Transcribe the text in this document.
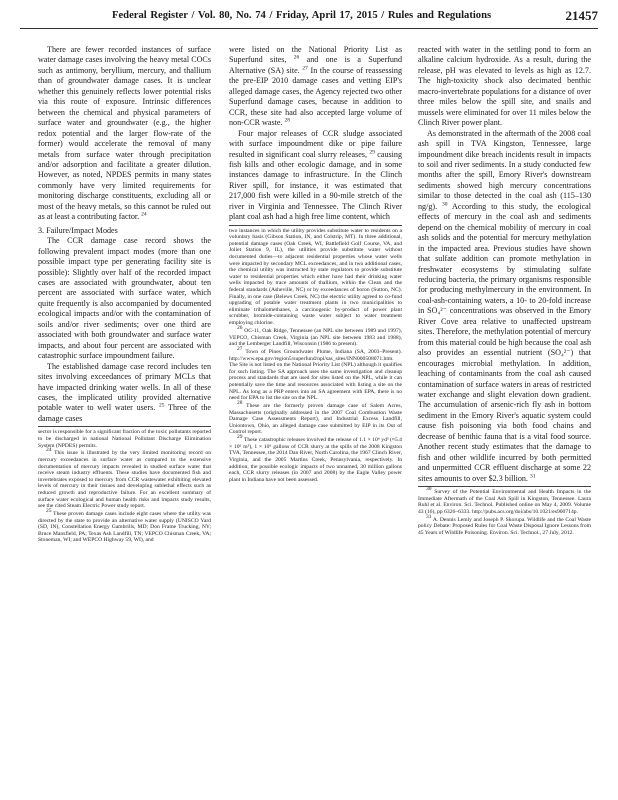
Federal Register / Vol. 80, No. 74 / Friday, April 17, 2015 / Rules and Regulations	21457

There are fewer recorded instances of surface water damage cases involving the heavy metal COCs such as antimony, beryllium, mercury, and thallium than of groundwater damage cases. It is unclear whether this genuinely reflects lower potential risks via this route of exposure. Intrinsic differences between the chemical and physical parameters of surface water and groundwater (e.g., the higher redox potential and the larger flow-rate of the former) would accelerate the removal of many metals from surface water through precipitation and/or adsorption and facilitate a greater dilution. However, as noted, NPDES permits in many states commonly have very limited requirements for monitoring discharge constituents, excluding all or most of the heavy metals, so this cannot be ruled out as at least a contributing factor. $^{24}$

3. Failure/Impact Modes

The CCR damage case record shows the following prevalent impact modes (more than one possible impact type per generating facility site is possible): Slightly over half of the recorded impact cases are associated with groundwater, about ten percent are associated with surface water, which quite frequently is also accompanied by documented ecological impacts and/or with the contamination of soils and/or river sediments; over one third are associated with both groundwater and surface water impacts, and about four percent are associated with catastrophic surface impoundment failure.

The established damage case record includes ten sites involving exceedances of primary MCLs that have impacted drinking water wells. In all of these cases, the implicated utility provided alternative potable water to well water users. $^{25}$ Three of the damage cases

sector is responsible for a significant fraction of the toxic pollutants reported to be discharged in national National Pollutant Discharge Elimination System (NPDES) permits.

$^{24}$ This issue is illustrated by the very limited monitoring record on mercury exceedances in surface water as compared to the extensive documentation of mercury impacts revealed in studied surface water that receive steam industry effluents. These studies have documented fish and invertebrates exposed to mercury from CCR wastewater exhibiting elevated levels of mercury in their tissues and developing sublethal effects such as reduced growth and reproductive failure. For an excellent summary of surface water ecological and human health risks and impacts study results, see the cited Steam Electric Power study report.

$^{25}$ These proven damage cases include eight cases where the utility was directed by the state to provide an alternative water supply (UNISCO Yard (SD, IN), Constellation Energy Gambrills, MD; Don Frame Trucking, NY; Bruce Mansfield, PA; Texas Ash Landfill, TN; VEPCO Chisman Creek, VA; Stoneman, WI; and WEPCO Highway 59, WI), and

were listed on the National Priority List as Superfund sites, $^{26}$ and one is a Superfund Alternative (SA) site. $^{27}$ In the course of reassessing the pre-EIP 2010 damage cases and vetting EIP's alleged damage cases, the Agency rejected two other Superfund damage cases, because in addition to CCR, these site had also accepted large volume of non-CCR waste. $^{28}$

Four major releases of CCR sludge associated with surface impoundment dike or pipe failure resulted in significant coal slurry releases, $^{29}$ causing fish kills and other ecologic damage, and in some instances damage to infrastructure. In the Clinch River spill, for instance, it was estimated that 217,000 fish were killed in a 90-mile stretch of the river in Virginia and Tennessee. The Clinch River plant coal ash had a high free lime content, which

two instances in which the utility provides substitute water to residents on a voluntary basis (Gibson Station, IN, and Colstrip, MT). In three additional, potential damage cases (Oak Creek, WI, Battlefield Golf Course, VA, and Joliet Station 9, IL), the utilities provide substitute water without documented duties—to adjacent residential properties whose water wells were impacted by secondary MCL exceedances, and in two additional cases, the chemical utility was instructed by state regulators to provide substitute water to residential properties which either have had their drinking water wells impacted by trace amounts of thallium, within the Clean and the federal standards (Asheville, NC) or by exceedances of boron (Sutton, NC). Finally, in one case (Belews Creek, NC) the electric utility agreed to co-fund upgrading of potable water treatment plants in two municipalities to eliminate trihalomethanes, a carcinogenic by-product of power plant scrubber, bromide-containing waste water subject to water treatment employing chlorine.

$^{26}$ OC-11, Oak Ridge, Tennessee (an NPL site between 1989 and 1997), VEPCO, Chisman Creek, Virginia (an NPL site between 1983 and 1988), and the Lemberger Landfill, Wisconsin (1986 to present).

$^{27}$ Town of Pines Groundwater Plume, Indiana (SA, 2003–Present). http://www.epa.gov/region5/superfund/npl/sas_sites/INN000508071.htm. The Site is not listed on the National Priority List (NPL) although it qualifies for such listing. The SA approach uses the same investigation and cleanup process and standards that are used for sites listed on the NPL, while it can potentially save the time and resources associated with listing a site on the NPL. As long as a PRP enters into an SA agreement with EPA, there is no need for EPA to list the site on the NPL.

$^{28}$ These are the formerly proven damage case of Salem Acres, Massachusetts (originally addressed in the 2007 Coal Combustion Waste Damage Case Assessments Report), and Industrial Excess Landfill, Uniontown, Ohio, an alleged damage case submitted by EIP in its Out of Control report.

$^{29}$ These catastrophic releases involved the release of 1.1 × 10⁶ yd³ (≈5.4 × 10⁶ m³), 1 × 10⁶ gallons of CCR slurry at the spills of the 2008 Kingston TVA, Tennessee, the 2014 Dan River, North Carolina, the 1967 Clinch River, Virginia, and the 2005 Martins Creek, Pennsylvania, respectively. In addition, the possible ecologic impacts of two unnamed, 30 million gallons each, CCR slurry releases (in 2007 and 2008) by the Eagle Valley power plant in Indiana have not been assessed.

reacted with water in the settling pond to form an alkaline calcium hydroxide. As a result, during the release, pH was elevated to levels as high as 12.7. The high-toxicity shock also decimated benthic macro-invertebrate populations for a distance of over three miles below the spill site, and snails and mussels were eliminated for over 11 miles below the Clinch River power plant.

As demonstrated in the aftermath of the 2008 coal ash spill in TVA Kingston, Tennessee, large impoundment dike breach incidents result in impacts to soil and river sediments. In a study conducted few months after the spill, Emory River's downstream sediments showed high mercury concentrations similar to those detected in the coal ash (115–130 ng/g). $^{30}$ According to this study, the ecological effects of mercury in the coal ash and sediments depend on the chemical mobility of mercury in coal ash solids and the potential for mercury methylation in the impacted area. Previous studies have shown that sulfate addition can promote methylation in freshwater ecosystems by stimulating sulfate reducing bacteria, the primary organisms responsible for producing methylmercury in the environment. In coal-ash-containing waters, a 10- to 20-fold increase in SO₄²⁻ concentrations was observed in the Emory River Cove area relative to unaffected upstream sites. Therefore, the methylation potential of mercury from this material could be high because the coal ash also provides an essential nutrient (SO₄²⁻) that encourages microbial methylation. In addition, leaching of contaminants from the coal ash caused contamination of surface waters in areas of restricted water exchange and slight elevation down gradient. The accumulation of arsenic-rich fly ash in bottom sediment in the Emory River's aquatic system could cause fish poisoning via both food chains and decrease of benthic fauna that is a vital food source. Another recent study estimates that the damage to fish and other wildlife incurred by both permitted and unpermitted CCR effluent discharge at some 22 sites amounts to over $2.3 billion. $^{31}$

$^{30}$ Survey of the Potential Environmental and Health Impacts in the Immediate Aftermath of the Coal Ash Spill in Kingston, Tennessee. Laura Ruhl et al. Environ. Sci. Technol. Published online on May 4, 2009. Volume 43 (16), pp 6326–6333. http://pubs.acs.org/doi/abs/10.1021/es900714p.

$^{31}$ A. Dennis Lemly and Joseph P. Skorupa. Wildlife and the Coal Waste policy Debate: Proposed Rules for Coal Waste Disposal Ignore Lessons from 45 Years of Wildlife Poisoning. Environ. Sci. Technol., 27 July, 2012.
